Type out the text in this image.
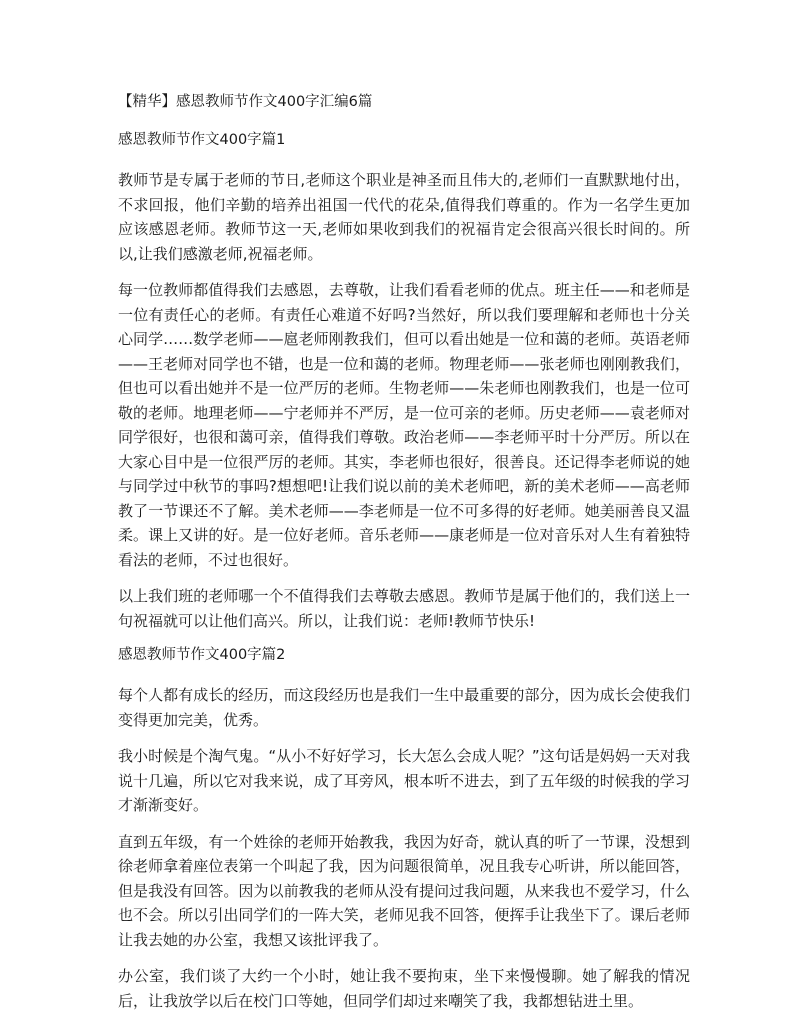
【精华】感恩教师节作文400字汇编6篇
感恩教师节作文400字篇1

教师节是专属于老师的节日,老师这个职业是神圣而且伟大的,老师们一直默默地付出，不求回报，他们辛勤的培养出祖国一代代的花朵,值得我们尊重的。作为一名学生更加应该感恩老师。教师节这一天,老师如果收到我们的祝福肯定会很高兴很长时间的。所以,让我们感激老师,祝福老师。

每一位教师都值得我们去感恩，去尊敬，让我们看看老师的优点。班主任——和老师是一位有责任心的老师。有责任心难道不好吗?当然好，所以我们要理解和老师也十分关心同学……数学老师——扈老师刚教我们，但可以看出她是一位和蔼的老师。英语老师——王老师对同学也不错，也是一位和蔼的老师。物理老师——张老师也刚刚教我们，但也可以看出她并不是一位严厉的老师。生物老师——朱老师也刚教我们，也是一位可敬的老师。地理老师——宁老师并不严厉，是一位可亲的老师。历史老师——袁老师对同学很好，也很和蔼可亲，值得我们尊敬。政治老师——李老师平时十分严厉。所以在大家心目中是一位很严厉的老师。其实，李老师也很好，很善良。还记得李老师说的她与同学过中秋节的事吗?想想吧!让我们说以前的美术老师吧，新的美术老师——高老师教了一节课还不了解。美术老师——李老师是一位不可多得的好老师。她美丽善良又温柔。课上又讲的好。是一位好老师。音乐老师——康老师是一位对音乐对人生有着独特看法的老师，不过也很好。

以上我们班的老师哪一个不值得我们去尊敬去感恩。教师节是属于他们的，我们送上一句祝福就可以让他们高兴。所以，让我们说：老师!教师节快乐!

感恩教师节作文400字篇2

每个人都有成长的经历，而这段经历也是我们一生中最重要的部分，因为成长会使我们变得更加完美，优秀。

我小时候是个淘气鬼。“从小不好好学习，长大怎么会成人呢？”这句话是妈妈一天对我说十几遍，所以它对我来说，成了耳旁风，根本听不进去，到了五年级的时候我的学习才渐渐变好。

直到五年级，有一个姓徐的老师开始教我，我因为好奇，就认真的听了一节课，没想到徐老师拿着座位表第一个叫起了我，因为问题很简单，况且我专心听讲，所以能回答，但是我没有回答。因为以前教我的老师从没有提问过我问题，从来我也不爱学习，什么也不会。所以引出同学们的一阵大笑，老师见我不回答，便挥手让我坐下了。课后老师让我去她的办公室，我想又该批评我了。

办公室，我们谈了大约一个小时，她让我不要拘束，坐下来慢慢聊。她了解我的情况后，让我放学以后在校门口等她，但同学们却过来嘲笑了我，我都想钻进土里。
